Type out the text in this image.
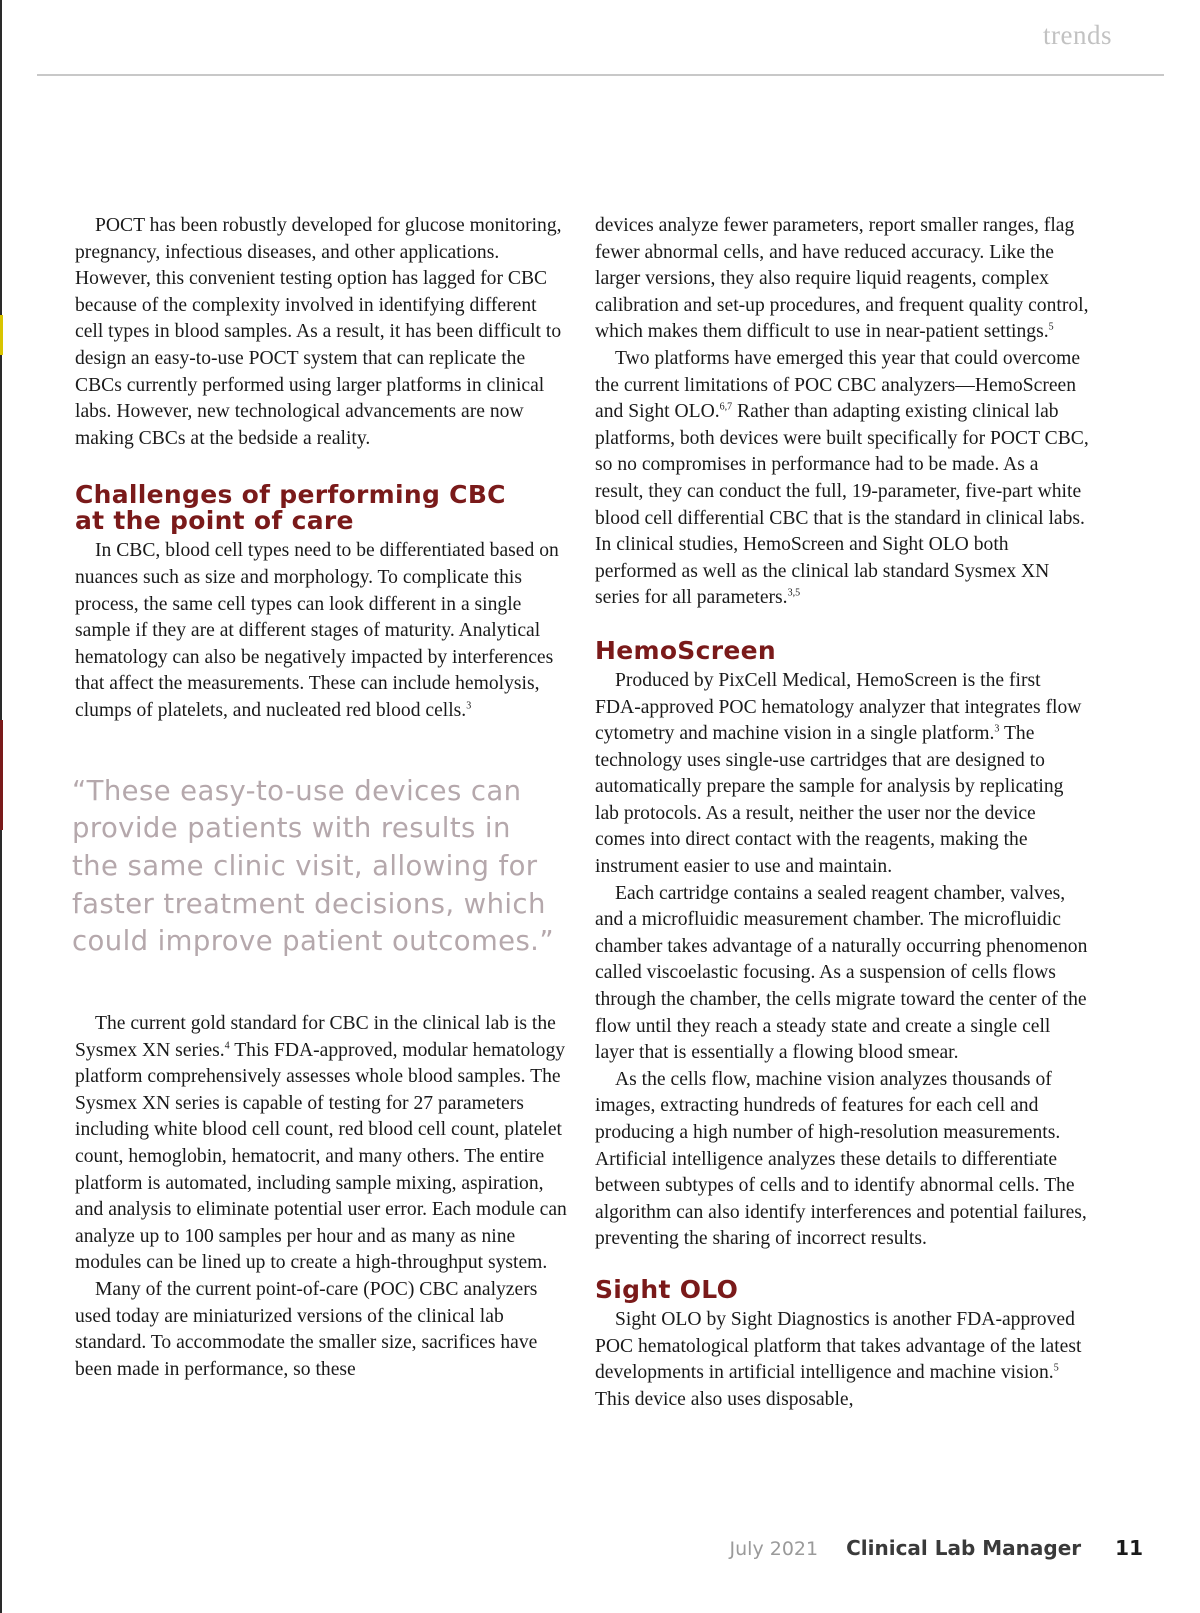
trends

POCT has been robustly developed for glucose monitoring, pregnancy, infectious diseases, and other applications. However, this convenient testing option has lagged for CBC because of the complexity involved in identifying different cell types in blood samples. As a result, it has been difficult to design an easy-to-use POCT system that can replicate the CBCs currently performed using larger platforms in clinical labs. However, new technological advancements are now making CBCs at the bedside a reality.

Challenges of performing CBC
at the point of care

In CBC, blood cell types need to be differentiated based on nuances such as size and morphology. To complicate this process, the same cell types can look different in a single sample if they are at different stages of maturity. Analytical hematology can also be negatively impacted by interferences that affect the measurements. These can include hemolysis, clumps of platelets, and nucleated red blood cells.$^3$

“These easy-to-use devices can provide patients with results in the same clinic visit, allowing for faster treatment decisions, which could improve patient outcomes.”

The current gold standard for CBC in the clinical lab is the Sysmex XN series.$^4$ This FDA-approved, modular hematology platform comprehensively assesses whole blood samples. The Sysmex XN series is capable of testing for 27 parameters including white blood cell count, red blood cell count, platelet count, hemoglobin, hematocrit, and many others. The entire platform is automated, including sample mixing, aspiration, and analysis to eliminate potential user error. Each module can analyze up to 100 samples per hour and as many as nine modules can be lined up to create a high-throughput system.

Many of the current point-of-care (POC) CBC analyzers used today are miniaturized versions of the clinical lab standard. To accommodate the smaller size, sacrifices have been made in performance, so these

devices analyze fewer parameters, report smaller ranges, flag fewer abnormal cells, and have reduced accuracy. Like the larger versions, they also require liquid reagents, complex calibration and set-up procedures, and frequent quality control, which makes them difficult to use in near-patient settings.$^5$

Two platforms have emerged this year that could overcome the current limitations of POC CBC analyzers—HemoScreen and Sight OLO.$^{6,7}$ Rather than adapting existing clinical lab platforms, both devices were built specifically for POCT CBC, so no compromises in performance had to be made. As a result, they can conduct the full, 19-parameter, five-part white blood cell differential CBC that is the standard in clinical labs. In clinical studies, HemoScreen and Sight OLO both performed as well as the clinical lab standard Sysmex XN series for all parameters.$^{3,5}$

HemoScreen

Produced by PixCell Medical, HemoScreen is the first FDA-approved POC hematology analyzer that integrates flow cytometry and machine vision in a single platform.$^3$ The technology uses single-use cartridges that are designed to automatically prepare the sample for analysis by replicating lab protocols. As a result, neither the user nor the device comes into direct contact with the reagents, making the instrument easier to use and maintain.

Each cartridge contains a sealed reagent chamber, valves, and a microfluidic measurement chamber. The microfluidic chamber takes advantage of a naturally occurring phenomenon called viscoelastic focusing. As a suspension of cells flows through the chamber, the cells migrate toward the center of the flow until they reach a steady state and create a single cell layer that is essentially a flowing blood smear.

As the cells flow, machine vision analyzes thousands of images, extracting hundreds of features for each cell and producing a high number of high-resolution measurements. Artificial intelligence analyzes these details to differentiate between subtypes of cells and to identify abnormal cells. The algorithm can also identify interferences and potential failures, preventing the sharing of incorrect results.

Sight OLO

Sight OLO by Sight Diagnostics is another FDA-approved POC hematological platform that takes advantage of the latest developments in artificial intelligence and machine vision.$^5$ This device also uses disposable,

July 2021 Clinical Lab Manager 11
